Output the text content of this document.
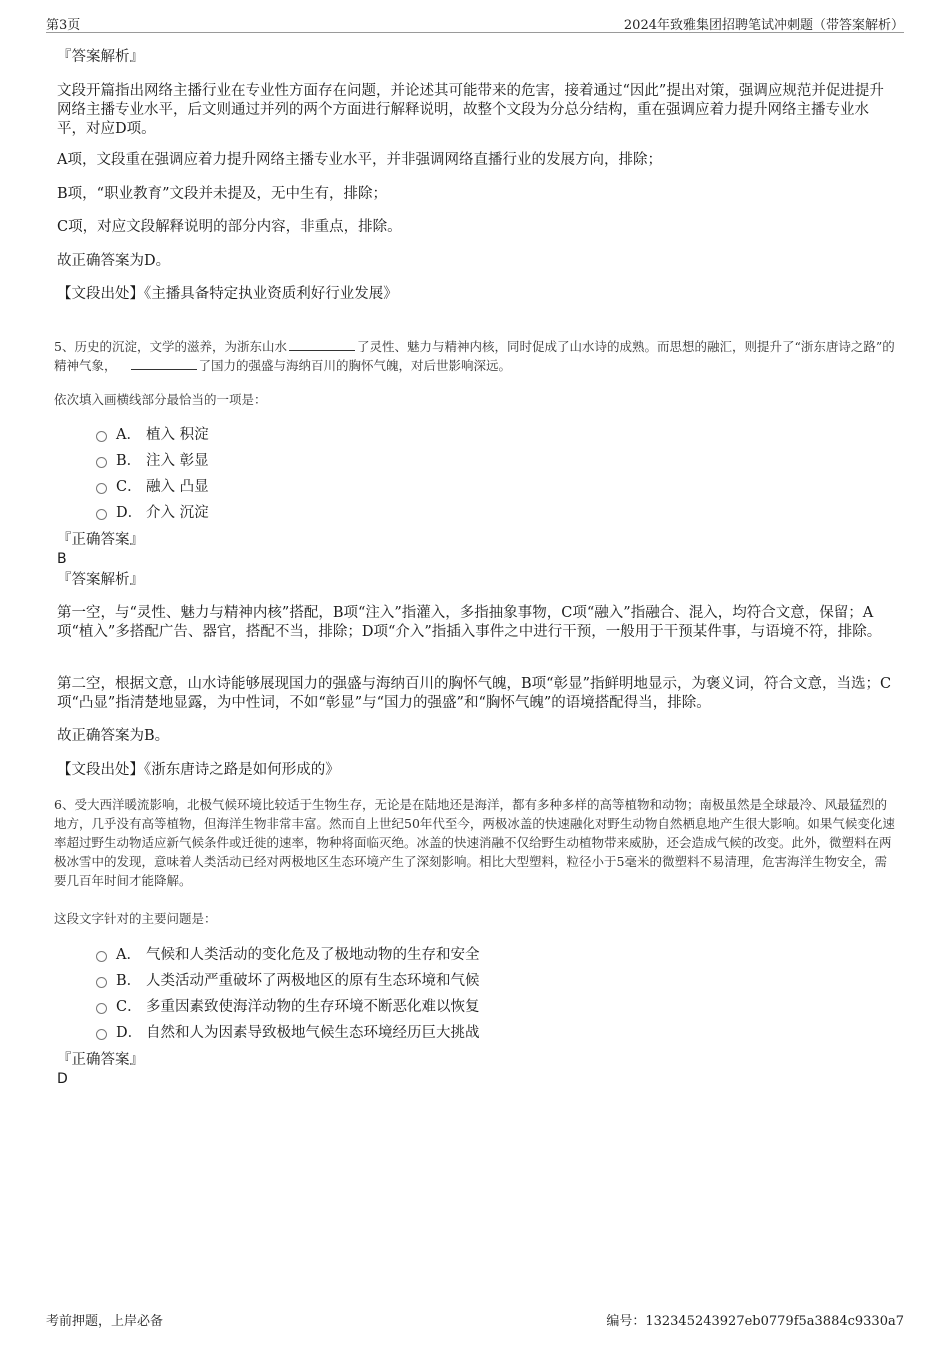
第3页	2024年致雅集团招聘笔试冲刺题（带答案解析）
『答案解析』
文段开篇指出网络主播行业在专业性方面存在问题，并论述其可能带来的危害，接着通过“因此”提出对策，强调应规范并促进提升网络主播专业水平，后文则通过并列的两个方面进行解释说明，故整个文段为分总分结构，重在强调应着力提升网络主播专业水平，对应D项。
A项，文段重在强调应着力提升网络主播专业水平，并非强调网络直播行业的发展方向，排除；
B项，“职业教育”文段并未提及，无中生有，排除；
C项，对应文段解释说明的部分内容，非重点，排除。
故正确答案为D。
【文段出处】《主播具备特定执业资质利好行业发展》
5、历史的沉淀，文学的滋养，为浙东山水	了灵性、魅力与精神内核，同时促成了山水诗的成熟。而思想的融汇，则提升了“浙东唐诗之路”的精神气象，	了国力的强盛与海纳百川的胸怀气魄，对后世影响深远。
依次填入画横线部分最恰当的一项是：
A． 植入 积淀
B． 注入 彰显
C． 融入 凸显
D． 介入 沉淀
『正确答案』
B
『答案解析』
第一空，与“灵性、魅力与精神内核”搭配，B项“注入”指灌入，多指抽象事物，C项“融入”指融合、混入，均符合文意，保留；A项“植入”多搭配广告、器官，搭配不当，排除；D项“介入”指插入事件之中进行干预，一般用于干预某件事，与语境不符，排除。
第二空，根据文意，山水诗能够展现国力的强盛与海纳百川的胸怀气魄，B项“彰显”指鲜明地显示，为褒义词，符合文意，当选；C项“凸显”指清楚地显露，为中性词，不如“彰显”与“国力的强盛”和“胸怀气魄”的语境搭配得当，排除。
故正确答案为B。
【文段出处】《浙东唐诗之路是如何形成的》
6、受大西洋暖流影响，北极气候环境比较适于生物生存，无论是在陆地还是海洋，都有多种多样的高等植物和动物；南极虽然是全球最冷、风最猛烈的地方，几乎没有高等植物，但海洋生物非常丰富。然而自上世纪50年代至今，两极冰盖的快速融化对野生动物自然栖息地产生很大影响。如果气候变化速率超过野生动物适应新气候条件或迁徙的速率，物种将面临灭绝。冰盖的快速消融不仅给野生动植物带来威胁，还会造成气候的改变。此外，微塑料在两极冰雪中的发现，意味着人类活动已经对两极地区生态环境产生了深刻影响。相比大型塑料，粒径小于5毫米的微塑料不易清理，危害海洋生物安全，需要几百年时间才能降解。
这段文字针对的主要问题是：
A． 气候和人类活动的变化危及了极地动物的生存和安全
B． 人类活动严重破坏了两极地区的原有生态环境和气候
C． 多重因素致使海洋动物的生存环境不断恶化难以恢复
D． 自然和人为因素导致极地气候生态环境经历巨大挑战
『正确答案』
D
考前押题，上岸必备	编号：132345243927eb0779f5a3884c9330a7
